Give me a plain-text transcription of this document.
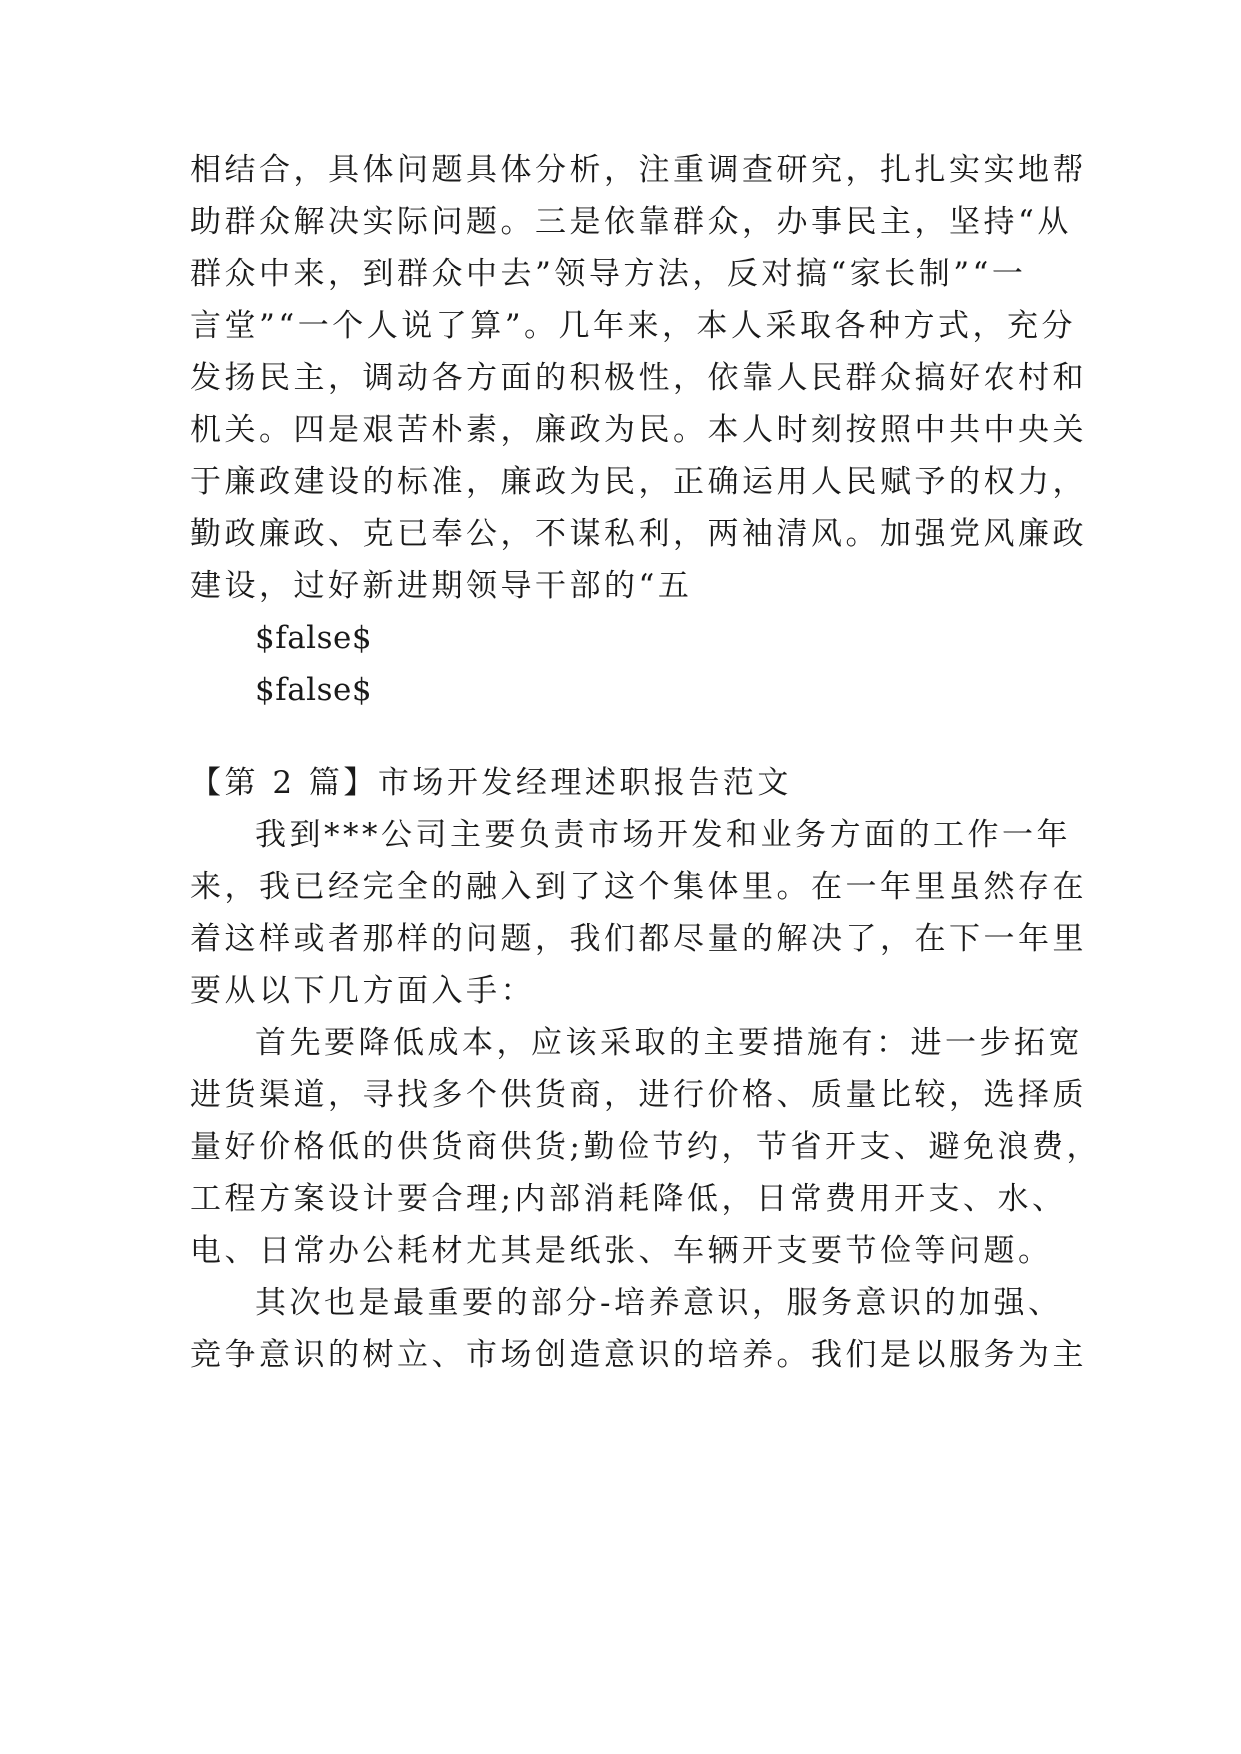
相结合，具体问题具体分析，注重调查研究，扎扎实实地帮
助群众解决实际问题。三是依靠群众，办事民主，坚持“从
群众中来，到群众中去”领导方法，反对搞“家长制”“一
言堂”“一个人说了算”。几年来，本人采取各种方式，充分
发扬民主，调动各方面的积极性，依靠人民群众搞好农村和
机关。四是艰苦朴素，廉政为民。本人时刻按照中共中央关
于廉政建设的标准，廉政为民，正确运用人民赋予的权力，
勤政廉政、克已奉公，不谋私利，两袖清风。加强党风廉政
建设，过好新进期领导干部的“五
$false$
$false$
【第 2 篇】市场开发经理述职报告范文
我到***公司主要负责市场开发和业务方面的工作一年
来，我已经完全的融入到了这个集体里。在一年里虽然存在
着这样或者那样的问题，我们都尽量的解决了，在下一年里
要从以下几方面入手：
首先要降低成本，应该采取的主要措施有：进一步拓宽
进货渠道，寻找多个供货商，进行价格、质量比较，选择质
量好价格低的供货商供货;勤俭节约，节省开支、避免浪费，
工程方案设计要合理;内部消耗降低，日常费用开支、水、
电、日常办公耗材尤其是纸张、车辆开支要节俭等问题。
其次也是最重要的部分-培养意识，服务意识的加强、
竞争意识的树立、市场创造意识的培养。我们是以服务为主
